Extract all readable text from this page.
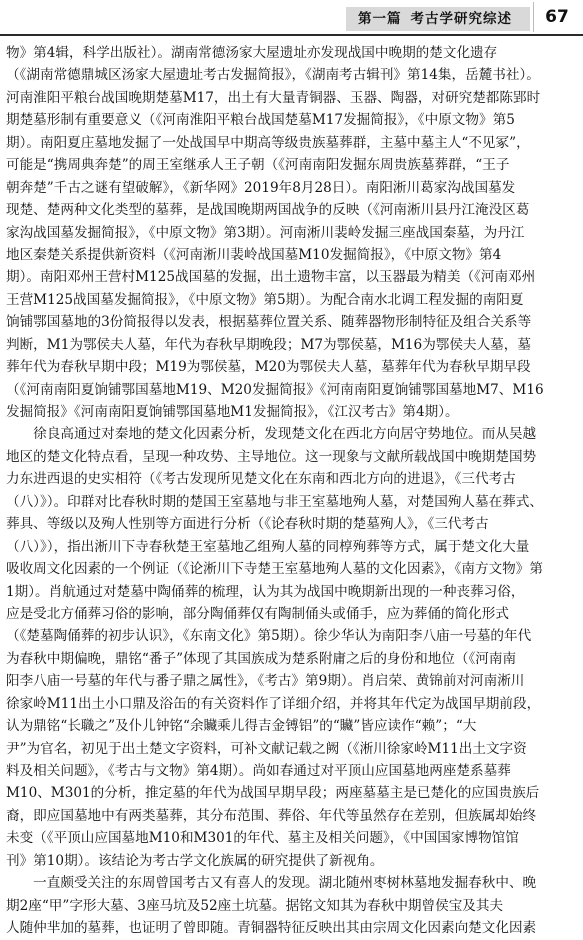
第一篇 考古学研究综述	67
物》第4辑，科学出版社）。湖南常德汤家大屋遗址亦发现战国中晚期的楚文化遗存
（《湖南常德鼎城区汤家大屋遗址考古发掘简报》，《湖南考古辑刊》第14集，岳麓书社）。
河南淮阳平粮台战国晚期楚墓M17，出土有大量青铜器、玉器、陶器，对研究楚都陈郢时
期楚墓形制有重要意义（《河南淮阳平粮台战国楚墓M17发掘简报》，《中原文物》第5
期）。南阳夏庄墓地发掘了一处战国早中期高等级贵族墓葬群，主墓中墓主人“不见冢”，
可能是“携周典奔楚”的周王室继承人王子朝（《河南南阳发掘东周贵族墓葬群，“王子
朝奔楚”千古之谜有望破解》，《新华网》2019年8月28日）。南阳淅川葛家沟战国墓发
现楚、楚两种文化类型的墓葬，是战国晚期两国战争的反映（《河南淅川县丹江淹没区葛
家沟战国墓发掘简报》，《中原文物》第3期）。河南淅川裴岭发掘三座战国秦墓，为丹江
地区秦楚关系提供新资料（《河南淅川裴岭战国墓M10发掘简报》，《中原文物》第4
期）。南阳邓州王营村M125战国墓的发掘，出土遗物丰富，以玉器最为精美（《河南邓州
王营M125战国墓发掘简报》，《中原文物》第5期）。为配合南水北调工程发掘的南阳夏
饷铺鄂国墓地的3份简报得以发表，根据墓葬位置关系、随葬器物形制特征及组合关系等
判断，M1为鄂侯夫人墓，年代为春秋早期晚段；M7为鄂侯墓，M16为鄂侯夫人墓，墓
葬年代为春秋早期中段；M19为鄂侯墓，M20为鄂侯夫人墓，墓葬年代为春秋早期早段
（《河南南阳夏饷铺鄂国墓地M19、M20发掘简报》《河南南阳夏饷铺鄂国墓地M7、M16
发掘简报》《河南南阳夏饷铺鄂国墓地M1发掘简报》，《江汉考古》第4期）。
　　徐良高通过对秦地的楚文化因素分析，发现楚文化在西北方向居守势地位。而从吴越
地区的楚文化特点看，呈现一种攻势、主导地位。这一现象与文献所载战国中晚期楚国势
力东进西退的史实相符（《考古发现所见楚文化在东南和西北方向的进退》，《三代考古
（八）》）。印群对比春秋时期的楚国王室墓地与非王室墓地殉人墓，对楚国殉人墓在葬式、
葬具、等级以及殉人性别等方面进行分析（《论春秋时期的楚墓殉人》，《三代考古
（八）》），指出淅川下寺春秋楚王室墓地乙组殉人墓的同椁殉葬等方式，属于楚文化大量
吸收周文化因素的一个例证（《论淅川下寺楚王室墓地殉人墓的文化因素》，《南方文物》第
1期）。肖航通过对楚墓中陶俑葬的梳理，认为其为战国中晚期新出现的一种丧葬习俗，
应是受北方俑葬习俗的影响，部分陶俑葬仅有陶制俑头或俑手，应为葬俑的简化形式
（《楚墓陶俑葬的初步认识》，《东南文化》第5期）。徐少华认为南阳李八庙一号墓的年代
为春秋中期偏晚，鼎铭“番子”体现了其国族成为楚系附庸之后的身份和地位（《河南南
阳李八庙一号墓的年代与番子鼎之属性》，《考古》第9期）。肖启荣、黄锦前对河南淅川
徐家岭M11出土小口鼎及浴缶的有关资料作了详细介绍，并将其年代定为战国早期前段，
认为鼎铭“长職之”及仆儿钟铭“余贜乘儿得吉金镈铝”的“贜”皆应读作“赖”；“大
尹”为官名，初见于出土楚文字资料，可补文献记载之阙（《淅川徐家岭M11出土文字资
料及相关问题》，《考古与文物》第4期）。尚如春通过对平顶山应国墓地两座楚系墓葬
M10、M301的分析，推定墓的年代为战国早期早段；两座墓墓主是已楚化的应国贵族后
裔，即应国墓地中有两类墓葬，其分布范围、葬俗、年代等虽然存在差别，但族属却始终
未变（《平顶山应国墓地M10和M301的年代、墓主及相关问题》，《中国国家博物馆馆
刊》第10期）。该结论为考古学文化族属的研究提供了新视角。
　　一直颇受关注的东周曾国考古又有喜人的发现。湖北随州枣树林墓地发掘春秋中、晚
期2座“甲”字形大墓、3座马坑及52座土坑墓。据铭文知其为春秋中期曾侯宝及其夫
人随仲芈加的墓葬，也证明了曾即随。青铜器特征反映出其由宗周文化因素向楚文化因素
